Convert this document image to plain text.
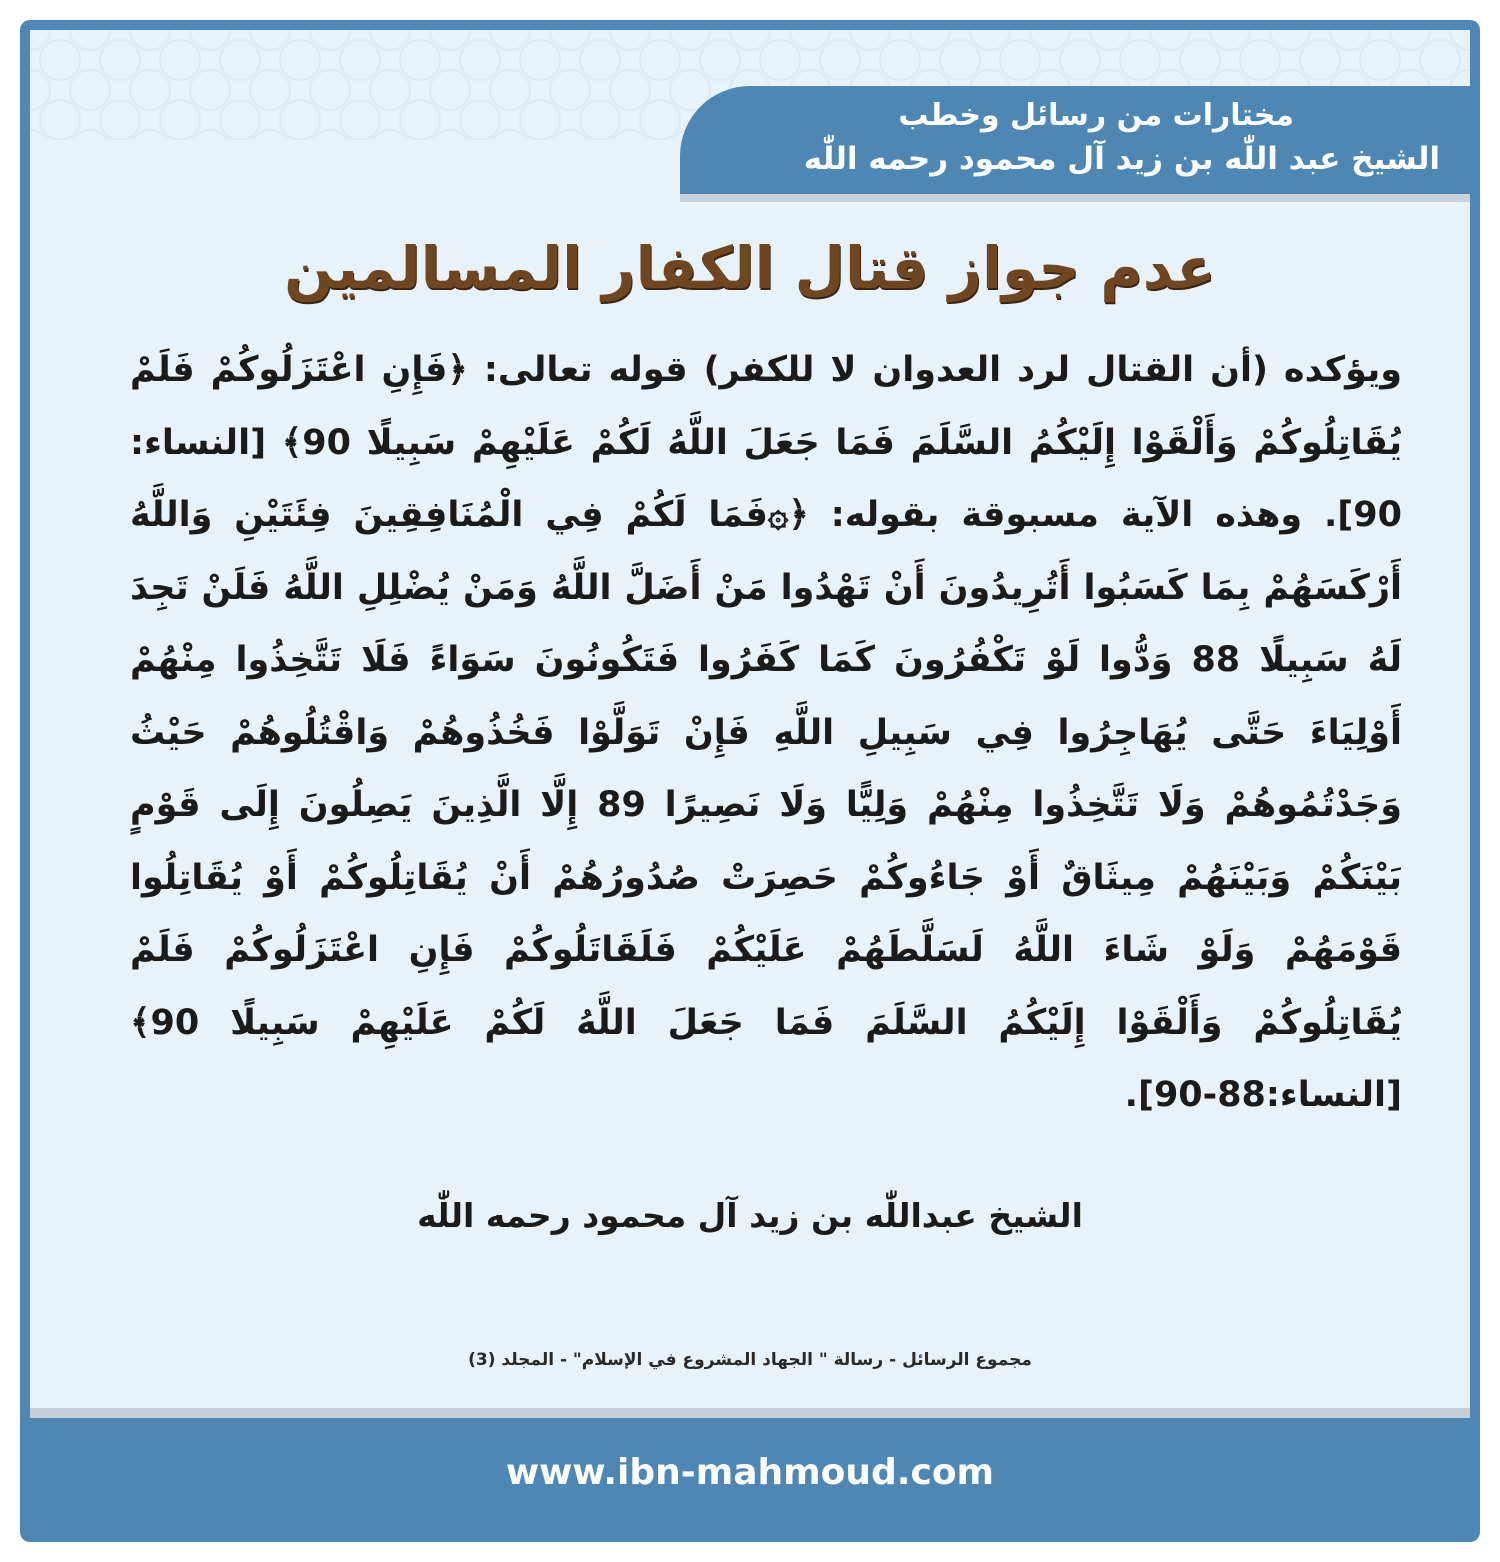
مختارات من رسائل وخطب

الشيخ عبد اللّٰه بن زيد آل محمود رحمه اللّٰه

عدم جواز قتال الكفار المسالمين

ويؤكده (أن القتال لرد العدوان لا للكفر) قوله تعالى: ﴿فَإِنِ اعْتَزَلُوكُمْ فَلَمْ يُقَاتِلُوكُمْ وَأَلْقَوْا إِلَيْكُمُ السَّلَمَ فَمَا جَعَلَ اللَّهُ لَكُمْ عَلَيْهِمْ سَبِيلًا 90﴾ [النساء: 90]. وهذه الآية مسبوقة بقوله: ﴿۞فَمَا لَكُمْ فِي الْمُنَافِقِينَ فِئَتَيْنِ وَاللَّهُ أَرْكَسَهُمْ بِمَا كَسَبُوا أَتُرِيدُونَ أَنْ تَهْدُوا مَنْ أَضَلَّ اللَّهُ وَمَنْ يُضْلِلِ اللَّهُ فَلَنْ تَجِدَ لَهُ سَبِيلًا 88 وَدُّوا لَوْ تَكْفُرُونَ كَمَا كَفَرُوا فَتَكُونُونَ سَوَاءً فَلَا تَتَّخِذُوا مِنْهُمْ أَوْلِيَاءَ حَتَّى يُهَاجِرُوا فِي سَبِيلِ اللَّهِ فَإِنْ تَوَلَّوْا فَخُذُوهُمْ وَاقْتُلُوهُمْ حَيْثُ وَجَدْتُمُوهُمْ وَلَا تَتَّخِذُوا مِنْهُمْ وَلِيًّا وَلَا نَصِيرًا 89 إِلَّا الَّذِينَ يَصِلُونَ إِلَى قَوْمٍ بَيْنَكُمْ وَبَيْنَهُمْ مِيثَاقٌ أَوْ جَاءُوكُمْ حَصِرَتْ صُدُورُهُمْ أَنْ يُقَاتِلُوكُمْ أَوْ يُقَاتِلُوا قَوْمَهُمْ وَلَوْ شَاءَ اللَّهُ لَسَلَّطَهُمْ عَلَيْكُمْ فَلَقَاتَلُوكُمْ فَإِنِ اعْتَزَلُوكُمْ فَلَمْ يُقَاتِلُوكُمْ وَأَلْقَوْا إِلَيْكُمُ السَّلَمَ فَمَا جَعَلَ اللَّهُ لَكُمْ عَلَيْهِمْ سَبِيلًا 90﴾ [النساء:88-90].

الشيخ عبداللّٰه بن زيد آل محمود رحمه اللّٰه

مجموع الرسائل - رسالة " الجهاد المشروع في الإسلام" - المجلد (3)

www.ibn-mahmoud.com
